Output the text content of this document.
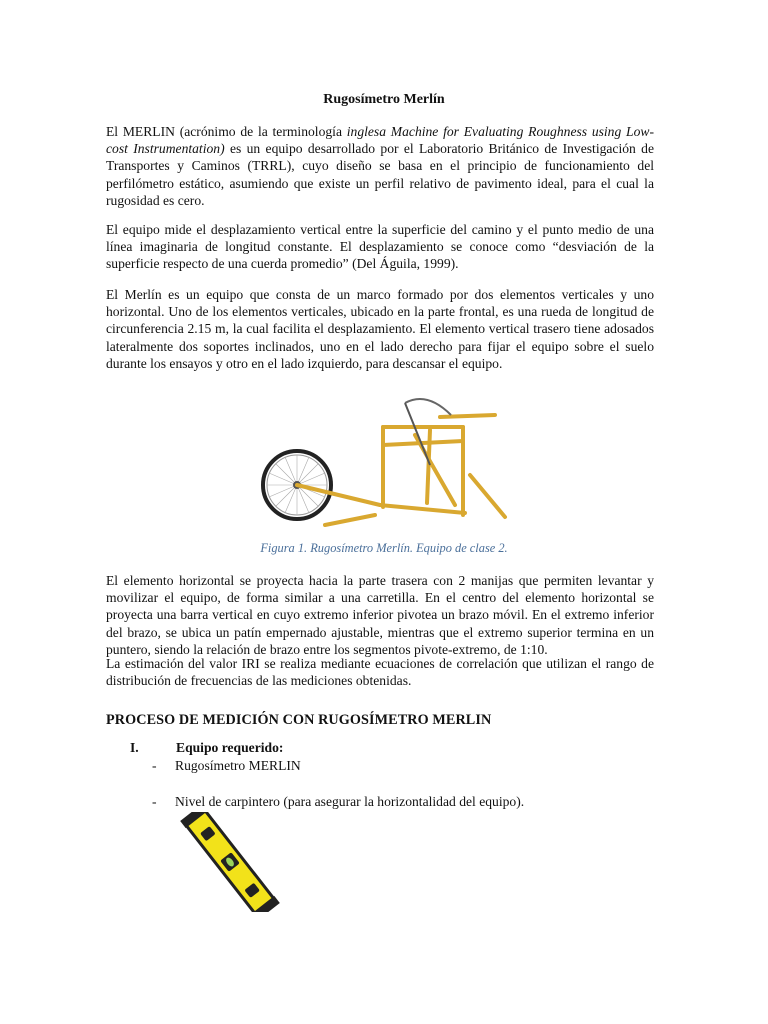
Rugosímetro Merlín

El MERLIN (acrónimo de la terminología inglesa Machine for Evaluating Roughness using Low-cost Instrumentation) es un equipo desarrollado por el Laboratorio Británico de Investigación de Transportes y Caminos (TRRL), cuyo diseño se basa en el principio de funcionamiento del perfilómetro estático, asumiendo que existe un perfil relativo de pavimento ideal, para el cual la rugosidad es cero.

El equipo mide el desplazamiento vertical entre la superficie del camino y el punto medio de una línea imaginaria de longitud constante. El desplazamiento se conoce como “desviación de la superficie respecto de una cuerda promedio” (Del Águila, 1999).

El Merlín es un equipo que consta de un marco formado por dos elementos verticales y uno horizontal. Uno de los elementos verticales, ubicado en la parte frontal, es una rueda de longitud de circunferencia 2.15 m, la cual facilita el desplazamiento. El elemento vertical trasero tiene adosados lateralmente dos soportes inclinados, uno en el lado derecho para fijar el equipo sobre el suelo durante los ensayos y otro en el lado izquierdo, para descansar el equipo.

Figura 1. Rugosímetro Merlín. Equipo de clase 2.

El elemento horizontal se proyecta hacia la parte trasera con 2 manijas que permiten levantar y movilizar el equipo, de forma similar a una carretilla. En el centro del elemento horizontal se proyecta una barra vertical en cuyo extremo inferior pivotea un brazo móvil. En el extremo inferior del brazo, se ubica un patín empernado ajustable, mientras que el extremo superior termina en un puntero, siendo la relación de brazo entre los segmentos pivote-extremo, de 1:10.

La estimación del valor IRI se realiza mediante ecuaciones de correlación que utilizan el rango de distribución de frecuencias de las mediciones obtenidas.

PROCESO DE MEDICIÓN CON RUGOSÍMETRO MERLIN
I.	Equipo requerido:
- Rugosímetro MERLIN
- Nivel de carpintero (para asegurar la horizontalidad del equipo).
